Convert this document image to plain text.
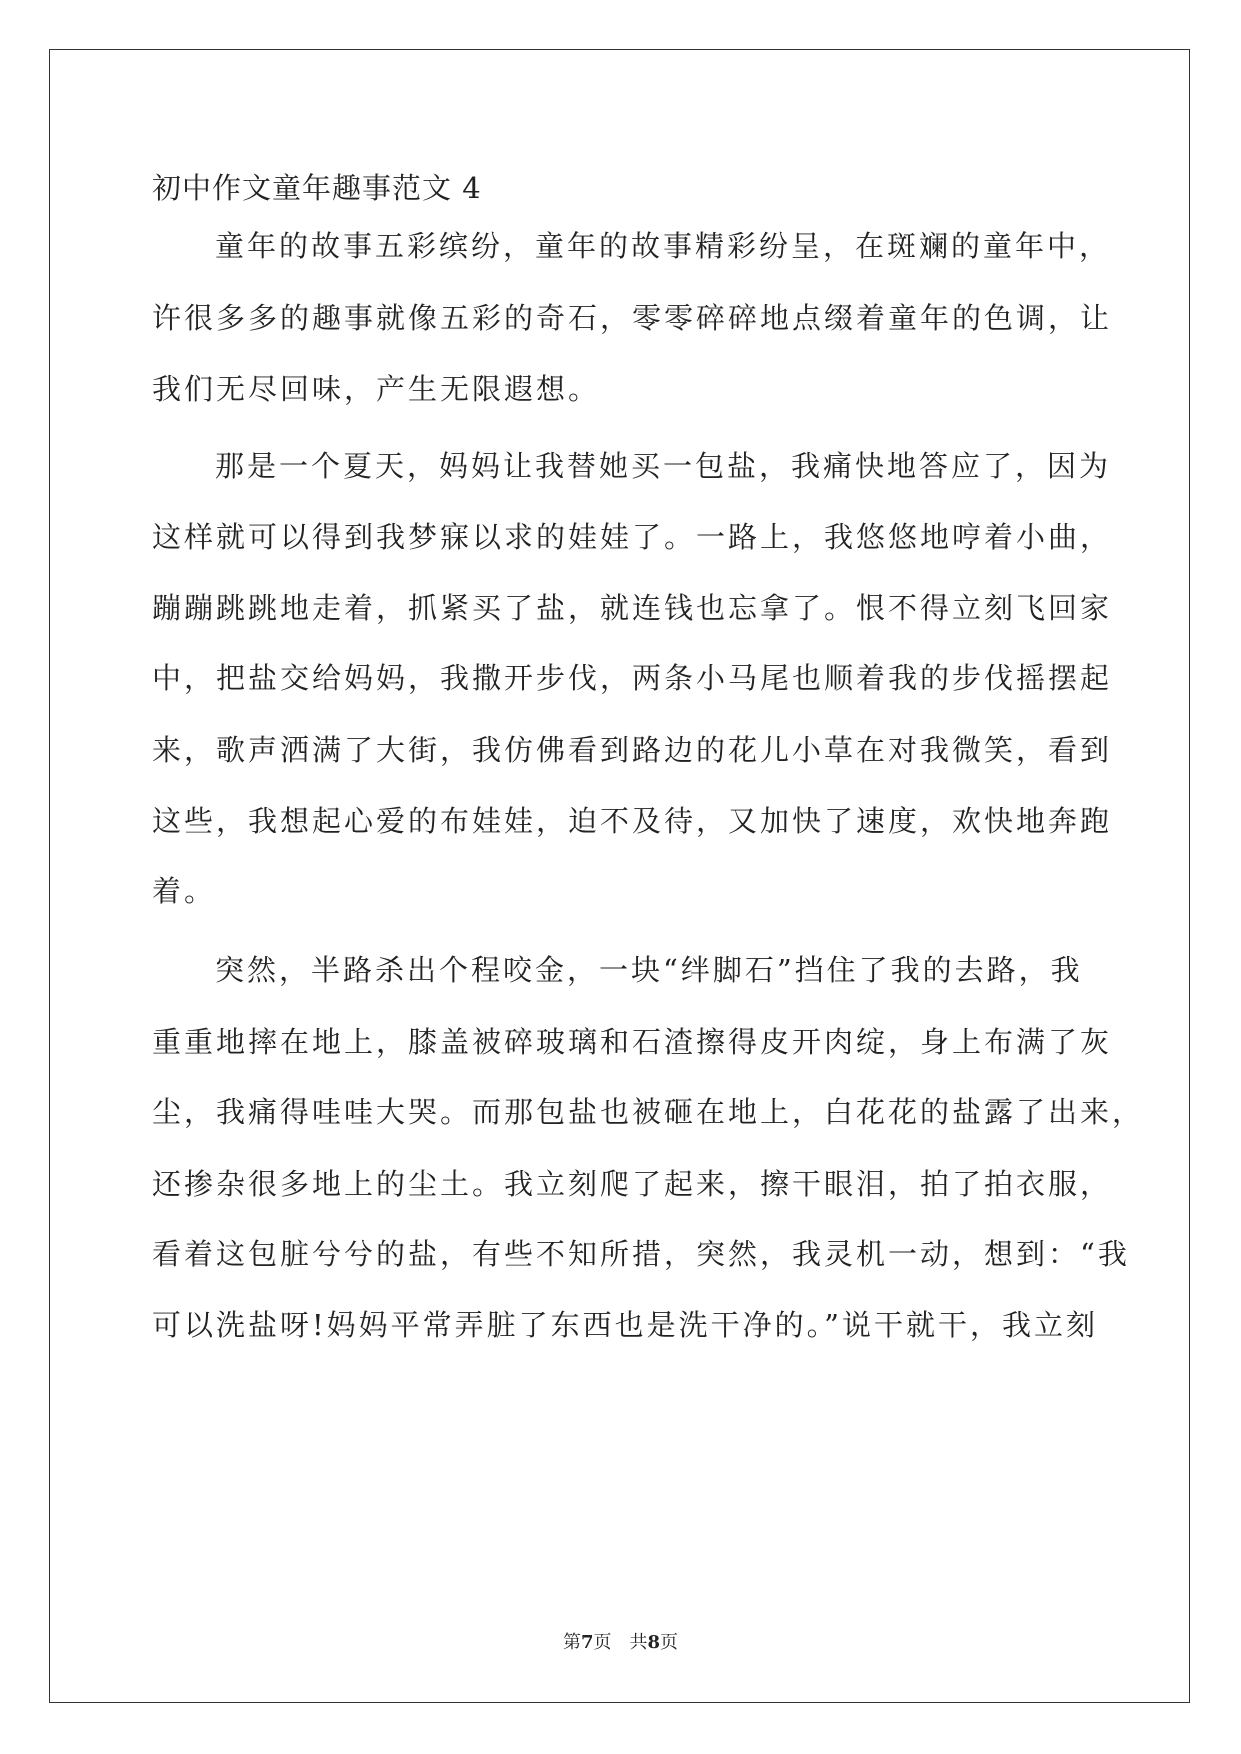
初中作文童年趣事范文 4
童年的故事五彩缤纷，童年的故事精彩纷呈，在斑斓的童年中，
许很多多的趣事就像五彩的奇石，零零碎碎地点缀着童年的色调，让
我们无尽回味，产生无限遐想。
那是一个夏天，妈妈让我替她买一包盐，我痛快地答应了，因为
这样就可以得到我梦寐以求的娃娃了。一路上，我悠悠地哼着小曲，
蹦蹦跳跳地走着，抓紧买了盐，就连钱也忘拿了。恨不得立刻飞回家
中，把盐交给妈妈，我撒开步伐，两条小马尾也顺着我的步伐摇摆起
来，歌声洒满了大街，我仿佛看到路边的花儿小草在对我微笑，看到
这些，我想起心爱的布娃娃，迫不及待，又加快了速度，欢快地奔跑
着。
突然，半路杀出个程咬金，一块“绊脚石”挡住了我的去路，我
重重地摔在地上，膝盖被碎玻璃和石渣擦得皮开肉绽，身上布满了灰
尘，我痛得哇哇大哭。而那包盐也被砸在地上，白花花的盐露了出来，
还掺杂很多地上的尘土。我立刻爬了起来，擦干眼泪，拍了拍衣服，
看着这包脏兮兮的盐，有些不知所措，突然，我灵机一动，想到：“我
可以洗盐呀!妈妈平常弄脏了东西也是洗干净的。”说干就干，我立刻
第7页　共8页
